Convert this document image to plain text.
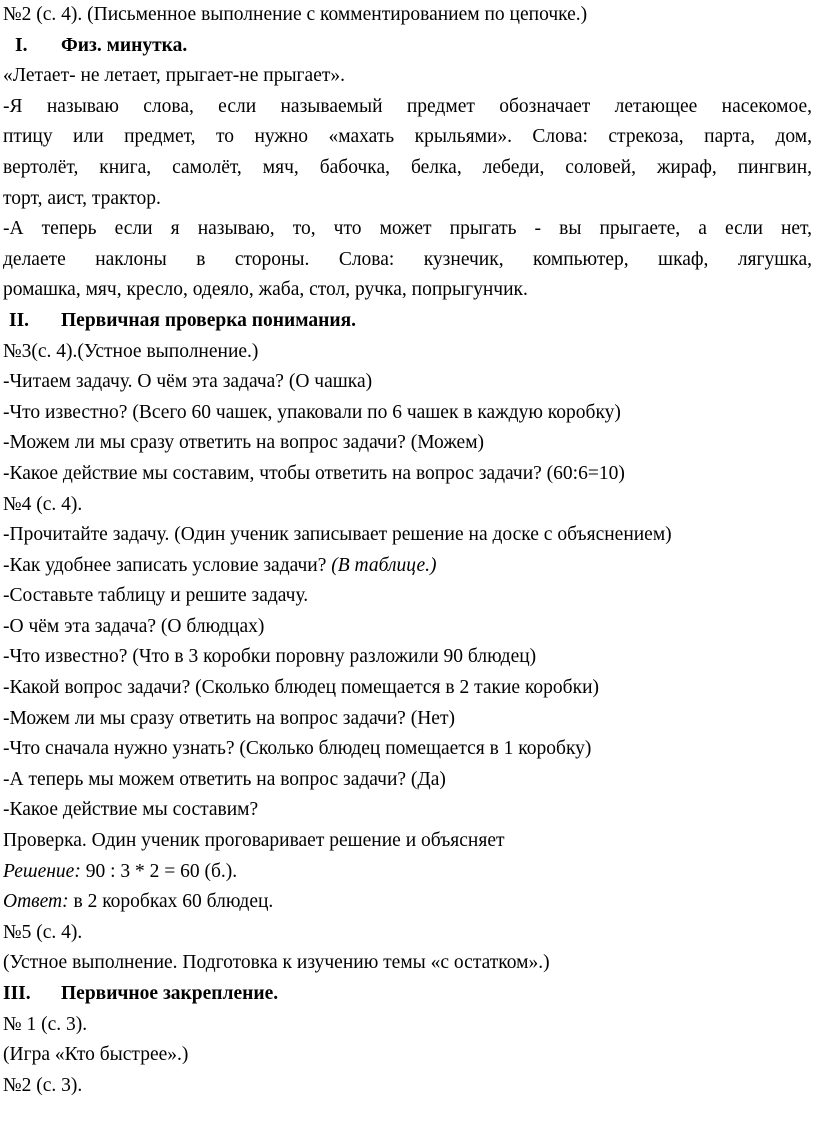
№2 (с. 4). (Письменное выполнение с комментированием по цепочке.)
I. Физ. минутка.
«Летает- не летает, прыгает-не прыгает».
-Я называю слова, если называемый предмет обозначает летающее насекомое,
птицу или предмет, то нужно «махать крыльями». Слова: стрекоза, парта, дом,
вертолёт, книга, самолёт, мяч, бабочка, белка, лебеди, соловей, жираф, пингвин,
торт, аист, трактор.
-А теперь если я называю, то, что может прыгать - вы прыгаете, а если нет,
делаете наклоны в стороны. Слова: кузнечик, компьютер, шкаф, лягушка,
ромашка, мяч, кресло, одеяло, жаба, стол, ручка, попрыгунчик.
II. Первичная проверка понимания.
№3(с. 4).(Устное выполнение.)
-Читаем задачу. О чём эта задача? (О чашка)
-Что известно? (Всего 60 чашек, упаковали по 6 чашек в каждую коробку)
-Можем ли мы сразу ответить на вопрос задачи? (Можем)
-Какое действие мы составим, чтобы ответить на вопрос задачи? (60:6=10)
№4 (с. 4).
-Прочитайте задачу. (Один ученик записывает решение на доске с объяснением)
-Как удобнее записать условие задачи? (В таблице.)
-Составьте таблицу и решите задачу.
-О чём эта задача? (О блюдцах)
-Что известно? (Что в 3 коробки поровну разложили 90 блюдец)
-Какой вопрос задачи? (Сколько блюдец помещается в 2 такие коробки)
-Можем ли мы сразу ответить на вопрос задачи? (Нет)
-Что сначала нужно узнать? (Сколько блюдец помещается в 1 коробку)
-А теперь мы можем ответить на вопрос задачи? (Да)
-Какое действие мы составим?
Проверка. Один ученик проговаривает решение и объясняет
Решение: 90 : 3 * 2 = 60 (б.).
Ответ: в 2 коробках 60 блюдец.
№5 (с. 4).
(Устное выполнение. Подготовка к изучению темы «с остатком».)
III. Первичное закрепление.
№ 1 (с. 3).
(Игра «Кто быстрее».)
№2 (с. 3).
